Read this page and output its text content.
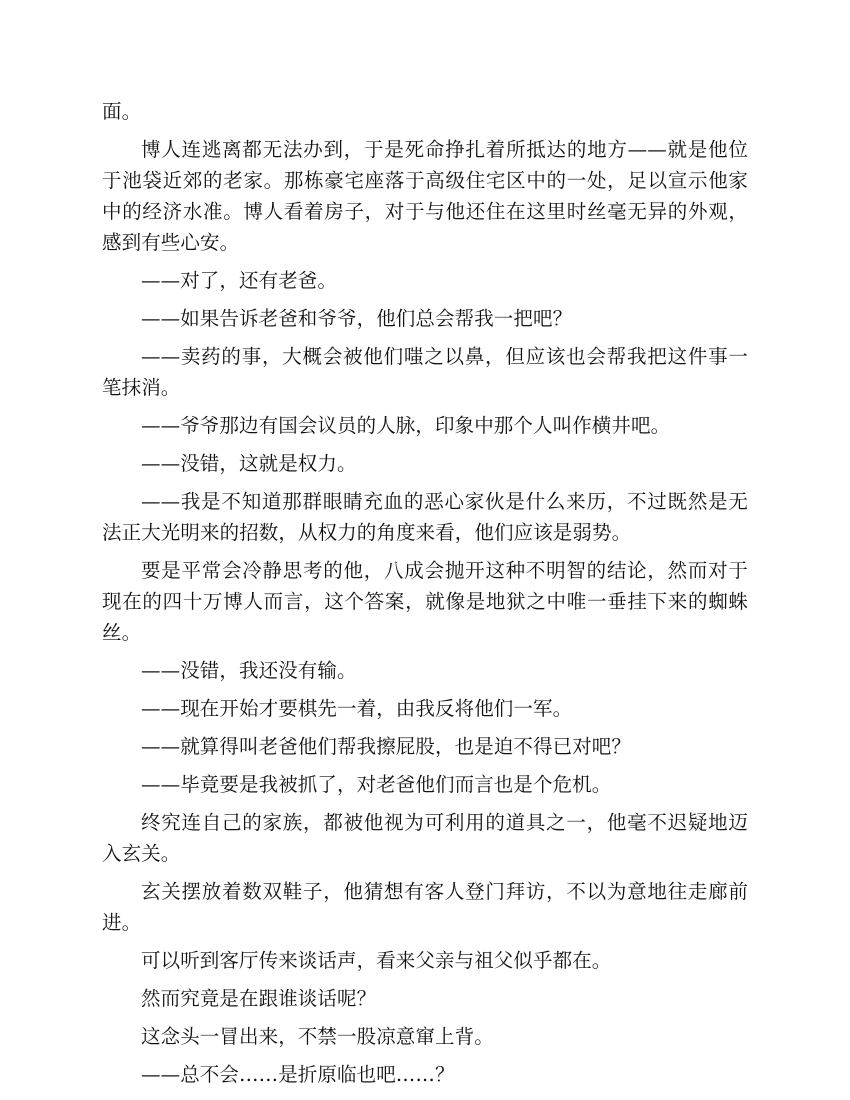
面。

博人连逃离都无法办到，于是死命挣扎着所抵达的地方——就是他位于池袋近郊的老家。那栋豪宅座落于高级住宅区中的一处，足以宣示他家中的经济水准。博人看着房子，对于与他还住在这里时丝毫无异的外观，感到有些心安。

——对了，还有老爸。

——如果告诉老爸和爷爷，他们总会帮我一把吧？

——卖药的事，大概会被他们嗤之以鼻，但应该也会帮我把这件事一笔抹消。

——爷爷那边有国会议员的人脉，印象中那个人叫作横井吧。

——没错，这就是权力。

——我是不知道那群眼睛充血的恶心家伙是什么来历，不过既然是无法正大光明来的招数，从权力的角度来看，他们应该是弱势。

要是平常会冷静思考的他，八成会抛开这种不明智的结论，然而对于现在的四十万博人而言，这个答案，就像是地狱之中唯一垂挂下来的蜘蛛丝。

——没错，我还没有输。

——现在开始才要棋先一着，由我反将他们一军。

——就算得叫老爸他们帮我擦屁股，也是迫不得已对吧？

——毕竟要是我被抓了，对老爸他们而言也是个危机。

终究连自己的家族，都被他视为可利用的道具之一，他毫不迟疑地迈入玄关。

玄关摆放着数双鞋子，他猜想有客人登门拜访，不以为意地往走廊前进。

可以听到客厅传来谈话声，看来父亲与祖父似乎都在。

然而究竟是在跟谁谈话呢？

这念头一冒出来，不禁一股凉意窜上背。

——总不会……是折原临也吧……？
